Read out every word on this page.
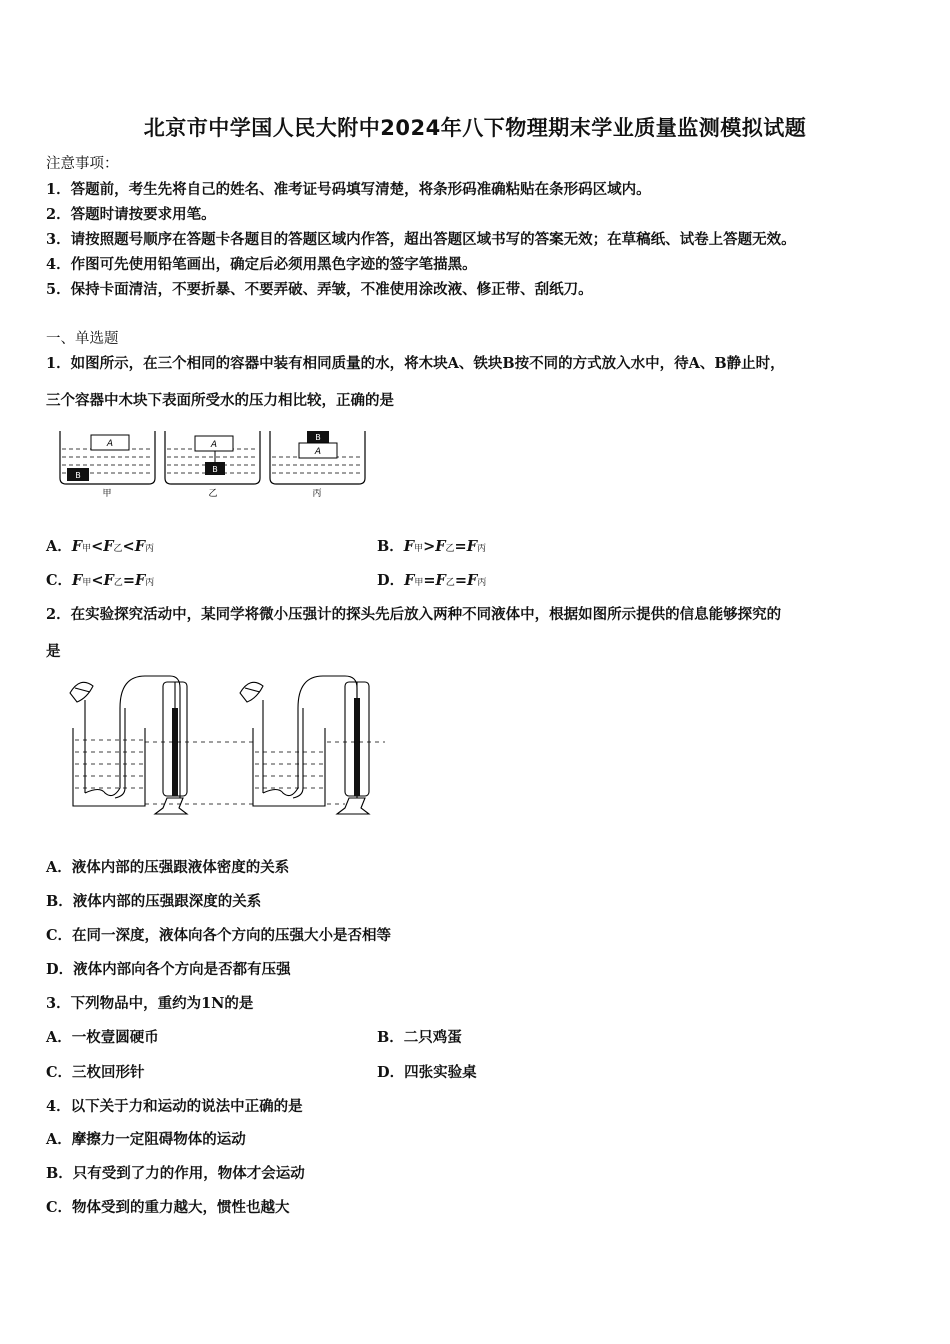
北京市中学国人民大附中2024年八下物理期末学业质量监测模拟试题
注意事项：
1．答题前，考生先将自己的姓名、准考证号码填写清楚，将条形码准确粘贴在条形码区域内。
2．答题时请按要求用笔。
3．请按照题号顺序在答题卡各题目的答题区域内作答，超出答题区域书写的答案无效；在草稿纸、试卷上答题无效。
4．作图可先使用铅笔画出，确定后必须用黑色字迹的签字笔描黑。
5．保持卡面清洁，不要折暴、不要弄破、弄皱，不准使用涂改液、修正带、刮纸刀。
一、单选题
1．如图所示，在三个相同的容器中装有相同质量的水，将木块A、铁块B按不同的方式放入水中，待A、B静止时，
三个容器中木块下表面所受水的压力相比较，正确的是
A
B
A
B
B
A
甲	乙	丙
A．F甲<F乙<F丙	B．F甲>F乙=F丙
C．F甲<F乙=F丙	D．F甲=F乙=F丙
2．在实验探究活动中，某同学将微小压强计的探头先后放入两种不同液体中，根据如图所示提供的信息能够探究的
是
A．液体内部的压强跟液体密度的关系
B．液体内部的压强跟深度的关系
C．在同一深度，液体向各个方向的压强大小是否相等
D．液体内部向各个方向是否都有压强
3．下列物品中，重约为1N的是
A．一枚壹圆硬币	B．二只鸡蛋
C．三枚回形针	D．四张实验桌
4．以下关于力和运动的说法中正确的是
A．摩擦力一定阻碍物体的运动
B．只有受到了力的作用，物体才会运动
C．物体受到的重力越大，惯性也越大
